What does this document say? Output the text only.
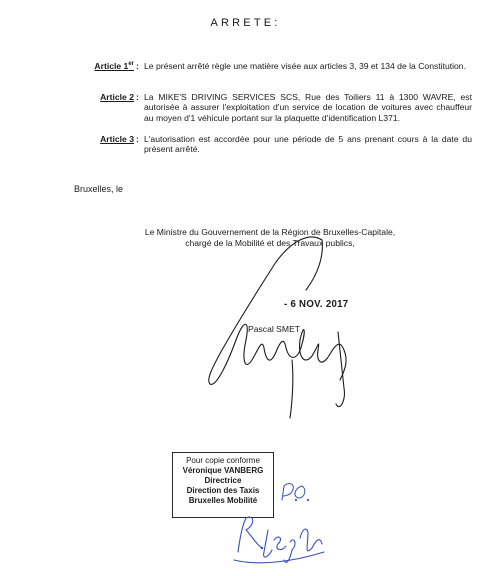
ARRETE:
Article 1er : Le présent arrêté règle une matière visée aux articles 3, 39 et 134 de la Constitution.
Article 2 : La MIKE'S DRIVING SERVICES SCS, Rue des Toiliers 11 à 1300 WAVRE, est autorisée à assurer l'exploitation d'un service de location de voitures avec chauffeur au moyen d'1 véhicule portant sur la plaquette d'identification L371.
Article 3 : L'autorisation est accordée pour une période de 5 ans prenant cours à la date du présent arrêté.
Bruxelles, le
Le Ministre du Gouvernement de la Région de Bruxelles-Capitale,
chargé de la Mobilité et des Travaux publics,
- 6 NOV. 2017
Pascal SMET
Pour copie conforme
Véronique VANBERG
Directrice
Direction des Taxis
Bruxelles Mobilité
